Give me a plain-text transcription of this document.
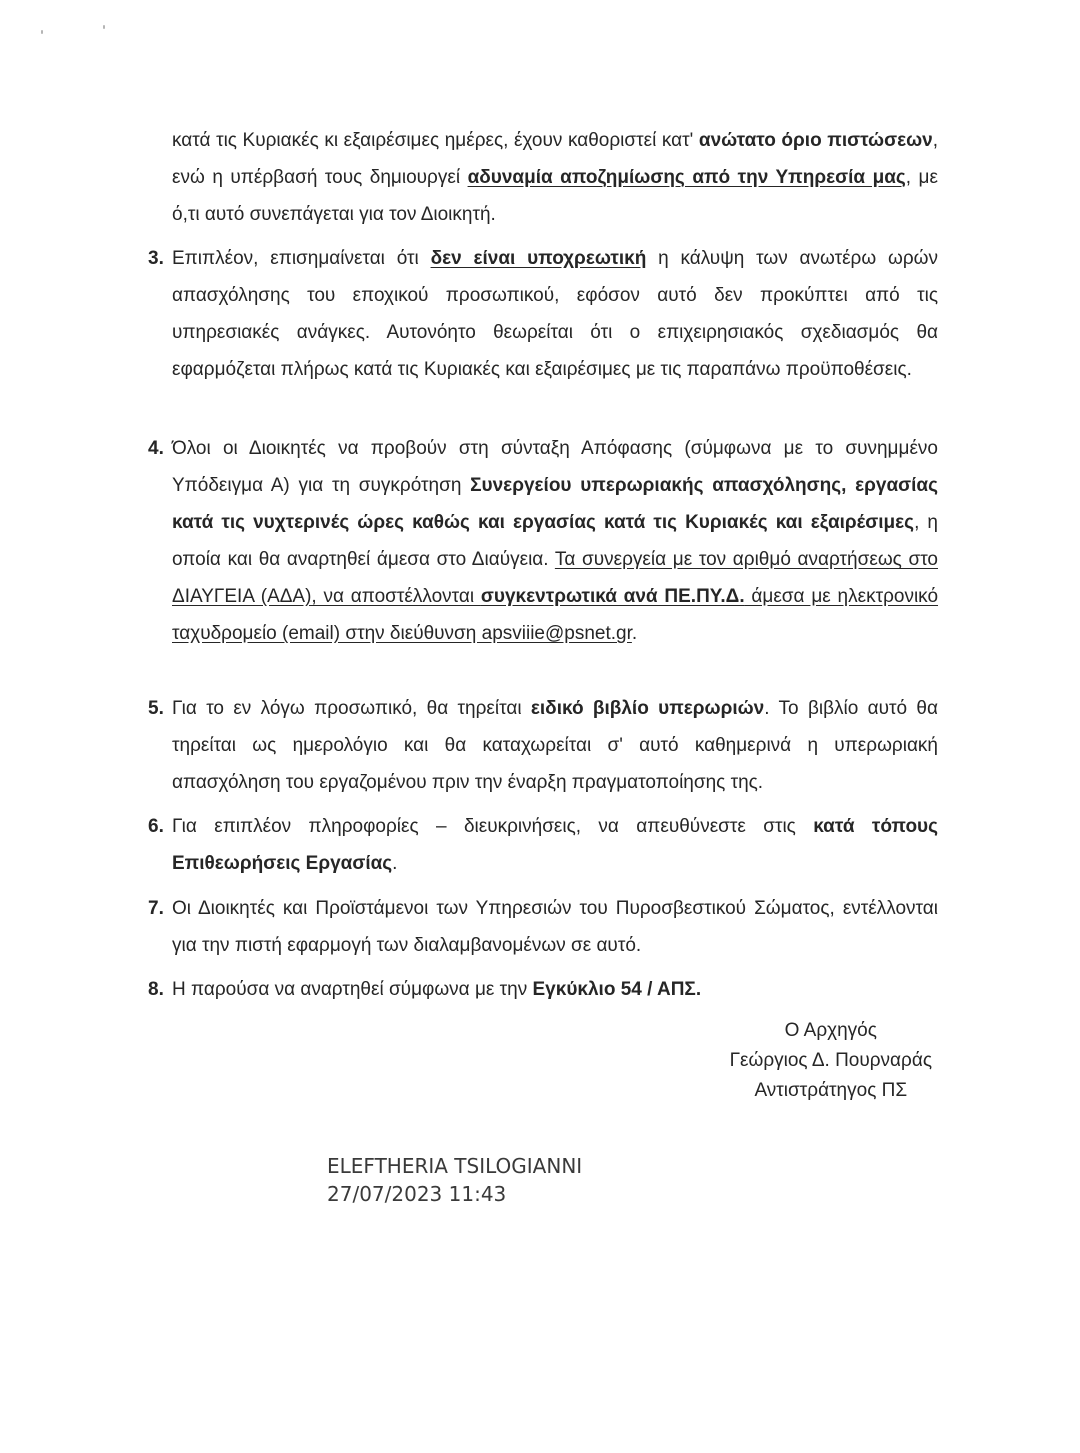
κατά τις Κυριακές κι εξαιρέσιμες ημέρες, έχουν καθοριστεί κατ' ανώτατο όριο πιστώσεων, ενώ η υπέρβασή τους δημιουργεί αδυναμία αποζημίωσης από την Υπηρεσία μας, με ό,τι αυτό συνεπάγεται για τον Διοικητή.
3. Επιπλέον, επισημαίνεται ότι δεν είναι υποχρεωτική η κάλυψη των ανωτέρω ωρών απασχόλησης του εποχικού προσωπικού, εφόσον αυτό δεν προκύπτει από τις υπηρεσιακές ανάγκες. Αυτονόητο θεωρείται ότι ο επιχειρησιακός σχεδιασμός θα εφαρμόζεται πλήρως κατά τις Κυριακές και εξαιρέσιμες με τις παραπάνω προϋποθέσεις.
4. Όλοι οι Διοικητές να προβούν στη σύνταξη Απόφασης (σύμφωνα με το συνημμένο Υπόδειγμα Α) για τη συγκρότηση Συνεργείου υπερωριακής απασχόλησης, εργασίας κατά τις νυχτερινές ώρες καθώς και εργασίας κατά τις Κυριακές και εξαιρέσιμες, η οποία και θα αναρτηθεί άμεσα στο Διαύγεια. Τα συνεργεία με τον αριθμό αναρτήσεως στο ΔΙΑΥΓΕΙΑ (ΑΔΑ), να αποστέλλονται συγκεντρωτικά ανά ΠΕ.ΠΥ.Δ. άμεσα με ηλεκτρονικό ταχυδρομείο (email) στην διεύθυνση apsviiie@psnet.gr.
5. Για το εν λόγω προσωπικό, θα τηρείται ειδικό βιβλίο υπερωριών. Το βιβλίο αυτό θα τηρείται ως ημερολόγιο και θα καταχωρείται σ' αυτό καθημερινά η υπερωριακή απασχόληση του εργαζομένου πριν την έναρξη πραγματοποίησης της.
6. Για επιπλέον πληροφορίες – διευκρινήσεις, να απευθύνεστε στις κατά τόπους Επιθεωρήσεις Εργασίας.
7. Οι Διοικητές και Προϊστάμενοι των Υπηρεσιών του Πυροσβεστικού Σώματος, εντέλλονται για την πιστή εφαρμογή των διαλαμβανομένων σε αυτό.
8. Η παρούσα να αναρτηθεί σύμφωνα με την Εγκύκλιο 54 / ΑΠΣ.
Ο Αρχηγός
Γεώργιος Δ. Πουρναράς
Αντιστράτηγος ΠΣ
ELEFTHERIA TSILOGIANNI
27/07/2023 11:43
